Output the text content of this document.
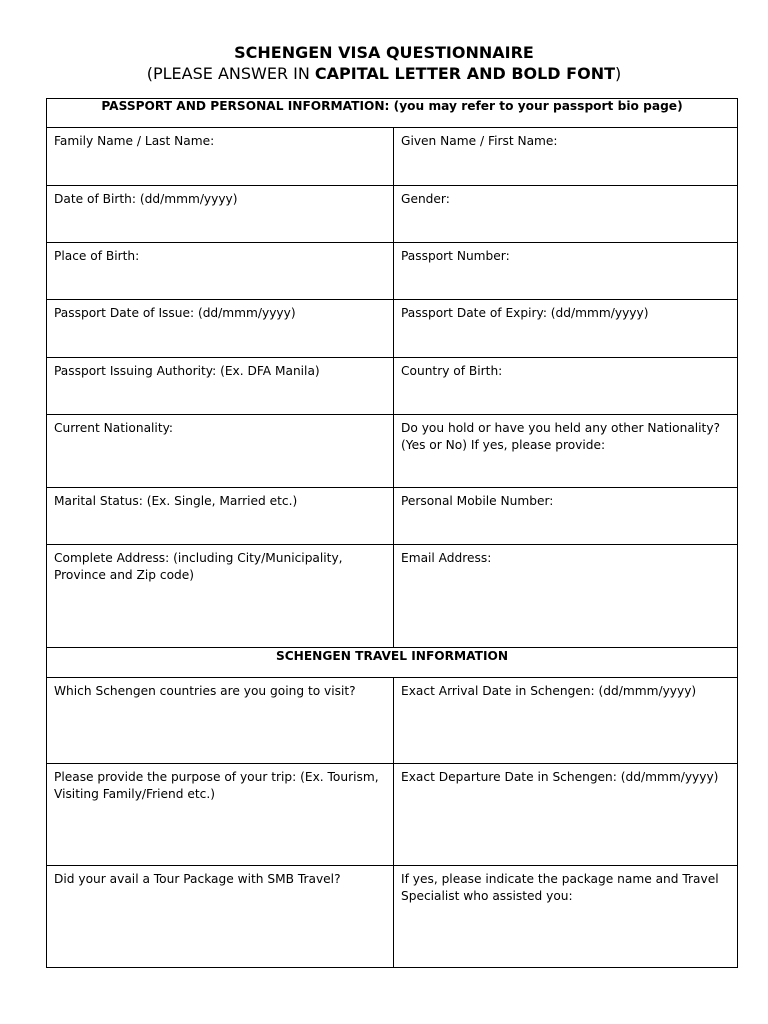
SCHENGEN VISA QUESTIONNAIRE
(PLEASE ANSWER IN CAPITAL LETTER AND BOLD FONT)
PASSPORT AND PERSONAL INFORMATION: (you may refer to your passport bio page)	
Family Name / Last Name:	Given Name / First Name:
Date of Birth: (dd/mmm/yyyy)	Gender:
Place of Birth:	Passport Number:
Passport Date of Issue: (dd/mmm/yyyy)	Passport Date of Expiry: (dd/mmm/yyyy)
Passport Issuing Authority: (Ex. DFA Manila)	Country of Birth:
Current Nationality:	Do you hold or have you held any other Nationality? (Yes or No) If yes, please provide:
Marital Status: (Ex. Single, Married etc.)	Personal Mobile Number:
Complete Address: (including City/Municipality, Province and Zip code)	Email Address:
SCHENGEN TRAVEL INFORMATION	
Which Schengen countries are you going to visit?	Exact Arrival Date in Schengen: (dd/mmm/yyyy)
Please provide the purpose of your trip: (Ex. Tourism, Visiting Family/Friend etc.)	Exact Departure Date in Schengen: (dd/mmm/yyyy)
Did your avail a Tour Package with SMB Travel?	If yes, please indicate the package name and Travel Specialist who assisted you:
